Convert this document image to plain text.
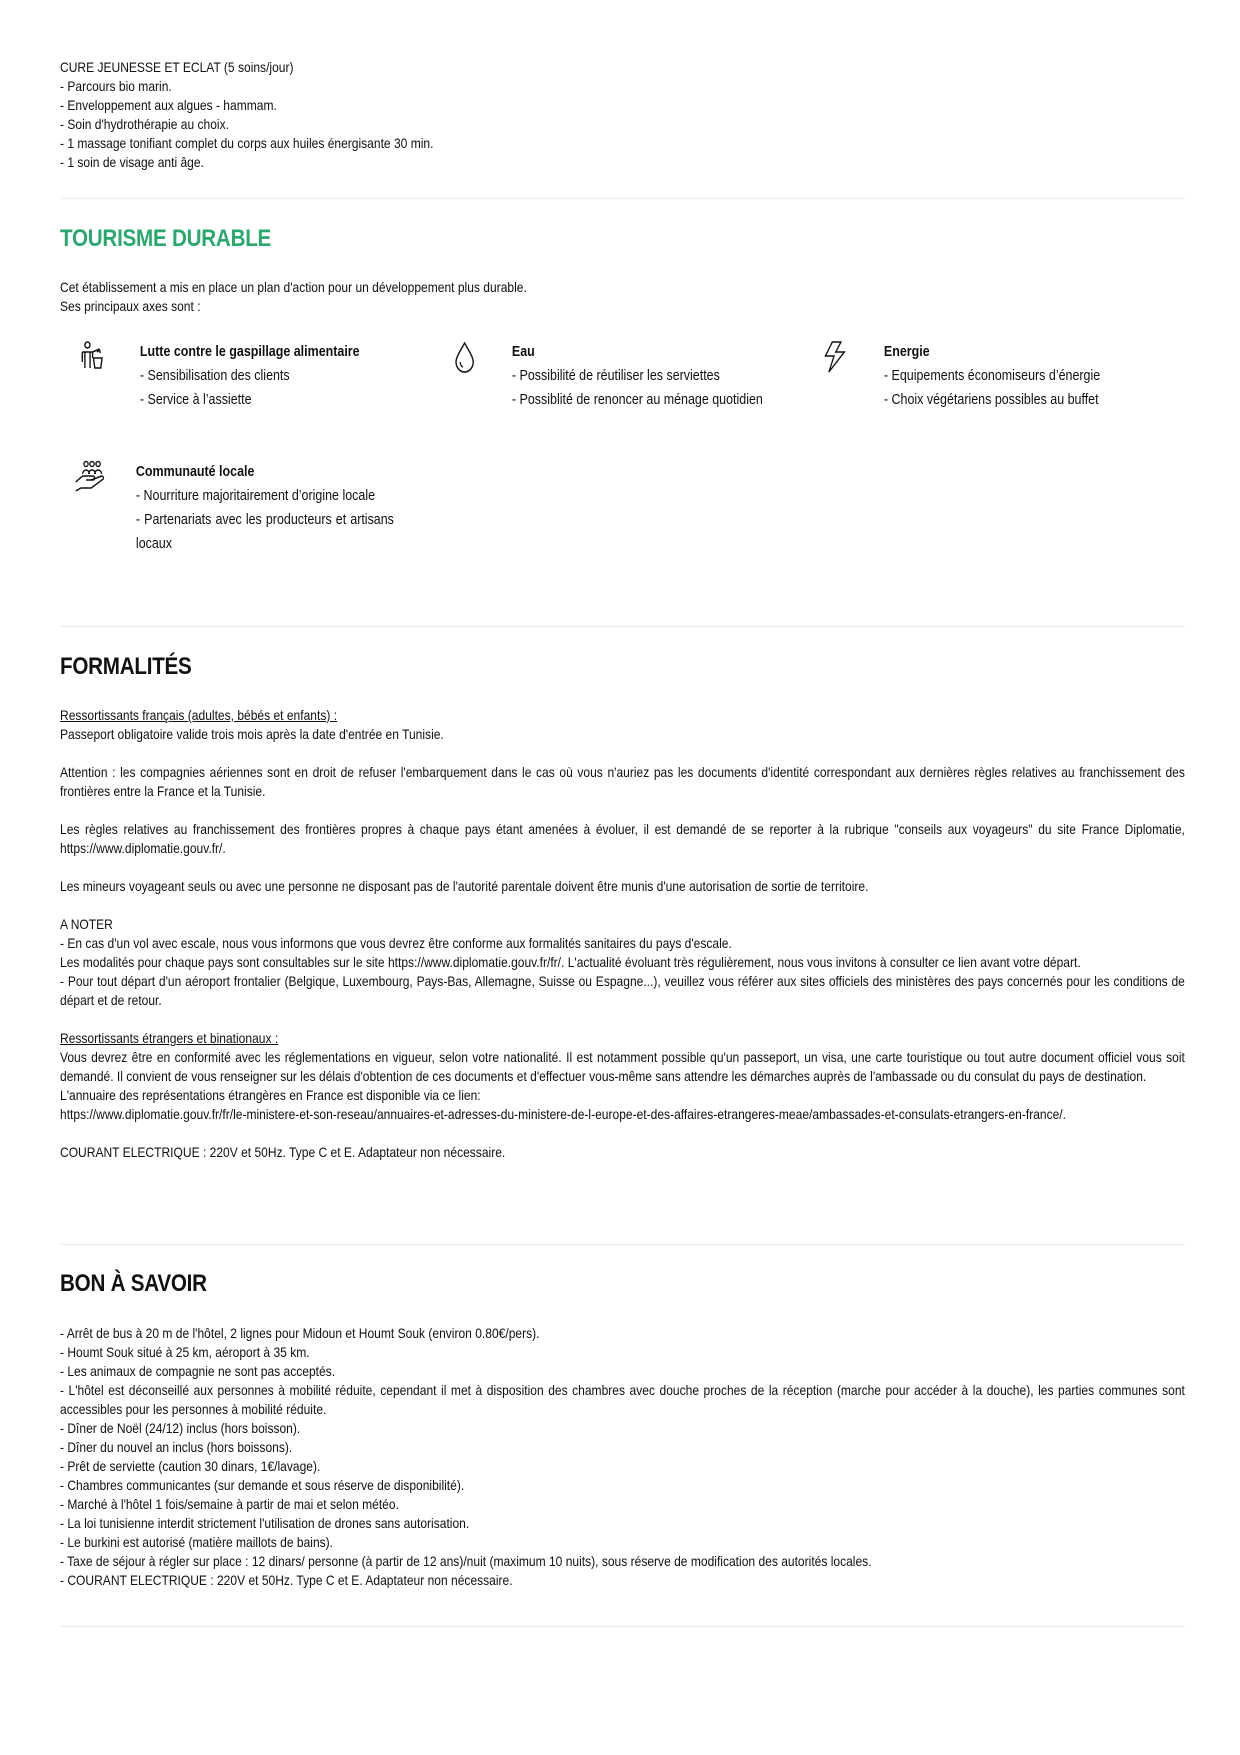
CURE JEUNESSE ET ECLAT (5 soins/jour)
- Parcours bio marin.
- Enveloppement aux algues - hammam.
- Soin d'hydrothérapie au choix.
- 1 massage tonifiant complet du corps aux huiles énergisante 30 min.
- 1 soin de visage anti âge.
TOURISME DURABLE
Cet établissement a mis en place un plan d'action pour un développement plus durable.
Ses principaux axes sont :
Lutte contre le gaspillage alimentaire
- Sensibilisation des clients
- Service à l’assiette
Eau
- Possibilité de réutiliser les serviettes
- Possiblité de renoncer au ménage quotidien
Energie
- Equipements économiseurs d’énergie
- Choix végétariens possibles au buffet
Communauté locale
- Nourriture majoritairement d’origine locale
- Partenariats avec les producteurs et artisans locaux
FORMALITÉS
Ressortissants français (adultes, bébés et enfants) :
Passeport obligatoire valide trois mois après la date d'entrée en Tunisie.
Attention : les compagnies aériennes sont en droit de refuser l'embarquement dans le cas où vous n'auriez pas les documents d'identité correspondant aux dernières règles relatives au franchissement des frontières entre la France et la Tunisie.
Les règles relatives au franchissement des frontières propres à chaque pays étant amenées à évoluer, il est demandé de se reporter à la rubrique "conseils aux voyageurs" du site France Diplomatie, https://www.diplomatie.gouv.fr/.
Les mineurs voyageant seuls ou avec une personne ne disposant pas de l'autorité parentale doivent être munis d'une autorisation de sortie de territoire.
A NOTER
- En cas d'un vol avec escale, nous vous informons que vous devrez être conforme aux formalités sanitaires du pays d'escale.
Les modalités pour chaque pays sont consultables sur le site https://www.diplomatie.gouv.fr/fr/. L'actualité évoluant très régulièrement, nous vous invitons à consulter ce lien avant votre départ.
- Pour tout départ d'un aéroport frontalier (Belgique, Luxembourg, Pays-Bas, Allemagne, Suisse ou Espagne...), veuillez vous référer aux sites officiels des ministères des pays concernés pour les conditions de départ et de retour.
Ressortissants étrangers et binationaux :
Vous devrez être en conformité avec les réglementations en vigueur, selon votre nationalité. Il est notamment possible qu'un passeport, un visa, une carte touristique ou tout autre document officiel vous soit demandé. Il convient de vous renseigner sur les délais d'obtention de ces documents et d'effectuer vous-même sans attendre les démarches auprès de l'ambassade ou du consulat du pays de destination.
L'annuaire des représentations étrangères en France est disponible via ce lien:
https://www.diplomatie.gouv.fr/fr/le-ministere-et-son-reseau/annuaires-et-adresses-du-ministere-de-l-europe-et-des-affaires-etrangeres-meae/ambassades-et-consulats-etrangers-en-france/.
COURANT ELECTRIQUE : 220V et 50Hz. Type C et E. Adaptateur non nécessaire.
BON À SAVOIR
- Arrêt de bus à 20 m de l'hôtel, 2 lignes pour Midoun et Houmt Souk (environ 0.80€/pers).
- Houmt Souk situé à 25 km, aéroport à 35 km.
- Les animaux de compagnie ne sont pas acceptés.
- L'hôtel est déconseillé aux personnes à mobilité réduite, cependant il met à disposition des chambres avec douche proches de la réception (marche pour accéder à la douche), les parties communes sont accessibles pour les personnes à mobilité réduite.
- Dîner de Noël (24/12) inclus (hors boisson).
- Dîner du nouvel an inclus (hors boissons).
- Prêt de serviette (caution 30 dinars, 1€/lavage).
- Chambres communicantes (sur demande et sous réserve de disponibilité).
- Marché à l'hôtel 1 fois/semaine à partir de mai et selon météo.
- La loi tunisienne interdit strictement l'utilisation de drones sans autorisation.
- Le burkini est autorisé (matière maillots de bains).
- Taxe de séjour à régler sur place : 12 dinars/ personne (à partir de 12 ans)/nuit (maximum 10 nuits), sous réserve de modification des autorités locales.
- COURANT ELECTRIQUE : 220V et 50Hz. Type C et E. Adaptateur non nécessaire.
